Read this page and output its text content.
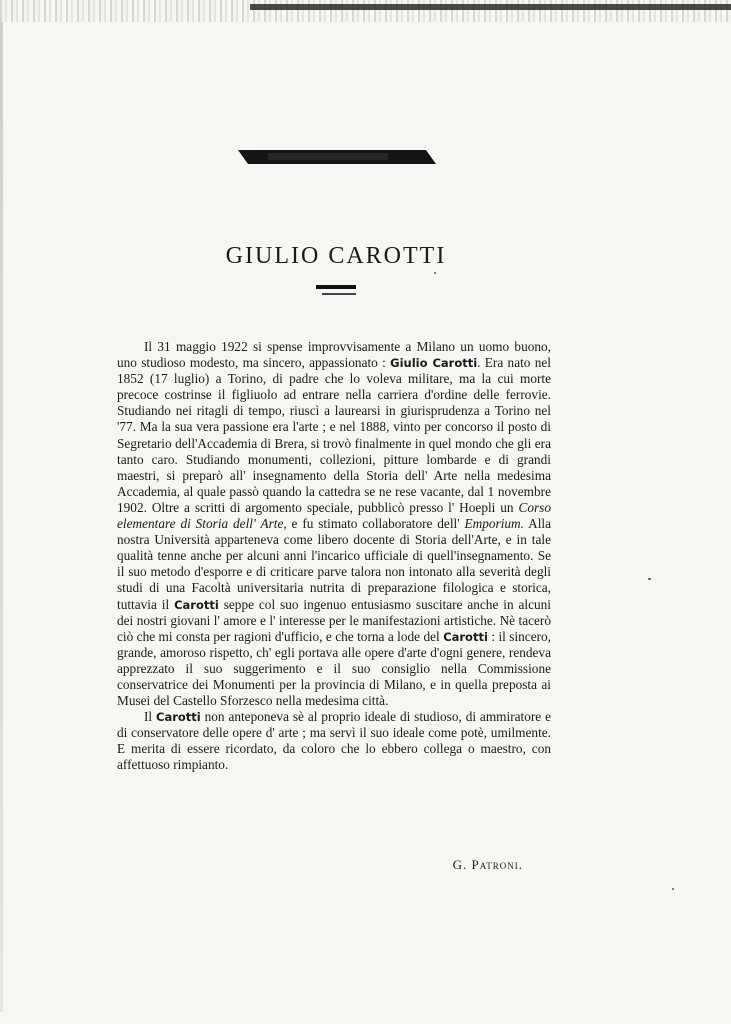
GIULIO CAROTTI

Il 31 maggio 1922 si spense improvvisamente a Milano un uomo buono, uno studioso modesto, ma sincero, appassionato : Giulio Carotti. Era nato nel 1852 (17 luglio) a Torino, di padre che lo voleva militare, ma la cui morte precoce costrinse il figliuolo ad entrare nella carriera d'ordine delle ferrovie. Studiando nei ritagli di tempo, riuscì a laurearsi in giurisprudenza a Torino nel '77. Ma la sua vera passione era l'arte ; e nel 1888, vinto per concorso il posto di Segretario dell'Accademia di Brera, si trovò finalmente in quel mondo che gli era tanto caro. Studiando monumenti, collezioni, pitture lombarde e di grandi maestri, si preparò all' insegnamento della Storia dell' Arte nella medesima Accademia, al quale passò quando la cattedra se ne rese vacante, dal 1 novembre 1902. Oltre a scritti di argomento speciale, pubblicò presso l' Hoepli un Corso elementare di Storia dell' Arte, e fu stimato collaboratore dell' Emporium. Alla nostra Università apparteneva come libero docente di Storia dell'Arte, e in tale qualità tenne anche per alcuni anni l'incarico ufficiale di quell'insegnamento. Se il suo metodo d'esporre e di criticare parve talora non intonato alla severità degli studi di una Facoltà universitaria nutrita di preparazione filologica e storica, tuttavia il Carotti seppe col suo ingenuo entusiasmo suscitare anche in alcuni dei nostri giovani l' amore e l' interesse per le manifestazioni artistiche. Nè tacerò ciò che mi consta per ragioni d'ufficio, e che torna a lode del Carotti : il sincero, grande, amoroso rispetto, ch' egli portava alle opere d'arte d'ogni genere, rendeva apprezzato il suo suggerimento e il suo consiglio nella Commissione conservatrice dei Monumenti per la provincia di Milano, e in quella preposta ai Musei del Castello Sforzesco nella medesima città.

Il Carotti non anteponeva sè al proprio ideale di studioso, di ammiratore e di conservatore delle opere d' arte ; ma servì il suo ideale come potè, umilmente. E merita di essere ricordato, da coloro che lo ebbero collega o maestro, con affettuoso rimpianto.

G. Patroni.
